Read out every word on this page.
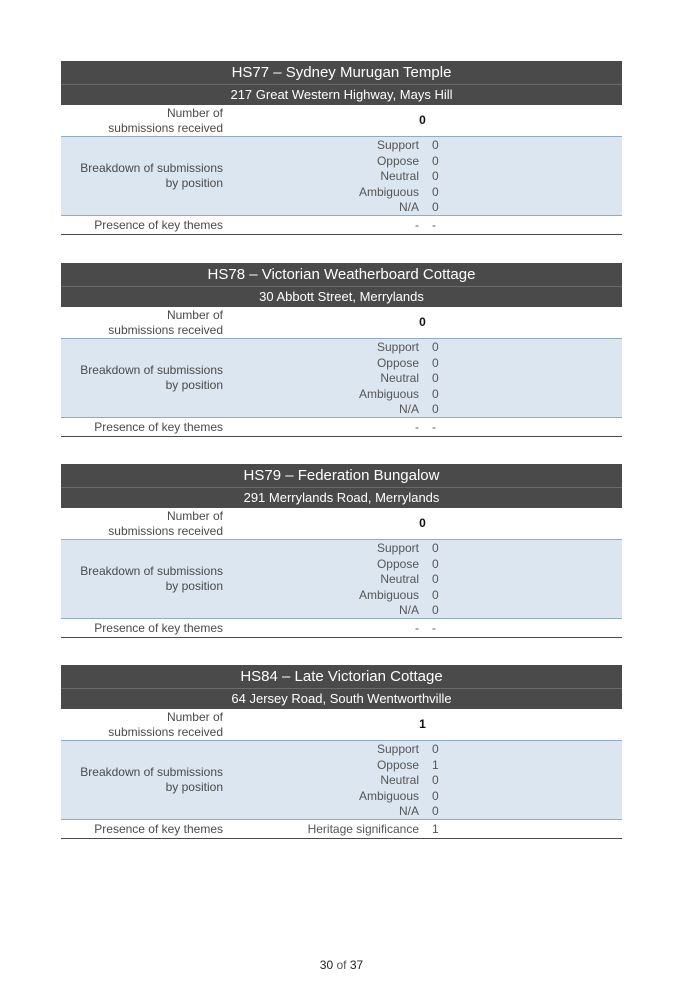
HS77 – Sydney Murugan Temple
217 Great Western Highway, Mays Hill
Number of
submissions received
0
Breakdown of submissions
by position
Support	0
Oppose	0
Neutral	0
Ambiguous	0
N/A	0
Presence of key themes	-	-
HS78 – Victorian Weatherboard Cottage
30 Abbott Street, Merrylands
Number of
submissions received
0
Breakdown of submissions
by position
Support	0
Oppose	0
Neutral	0
Ambiguous	0
N/A	0
Presence of key themes	-	-
HS79 – Federation Bungalow
291 Merrylands Road, Merrylands
Number of
submissions received
0
Breakdown of submissions
by position
Support	0
Oppose	0
Neutral	0
Ambiguous	0
N/A	0
Presence of key themes	-	-
HS84 – Late Victorian Cottage
64 Jersey Road, South Wentworthville
Number of
submissions received
1
Breakdown of submissions
by position
Support	0
Oppose	1
Neutral	0
Ambiguous	0
N/A	0
Presence of key themes	Heritage significance	1
30 of 37
